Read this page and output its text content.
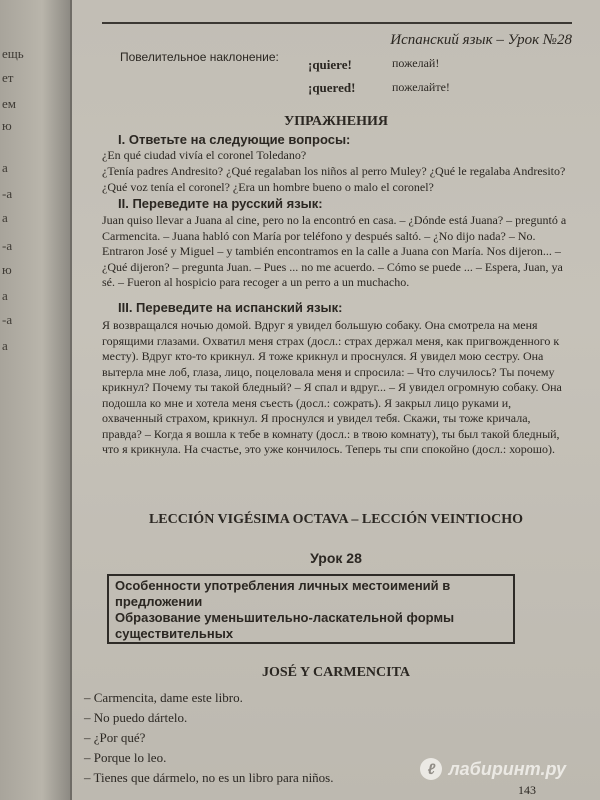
ещь
ет
ем
ю
а
-а
а
-а
ю
а
-а
а
Испанский язык – Урок №28
Повелительное наклонение: ¡quiere!
¡quered!
пожелай!
пожелайте!
УПРАЖНЕНИЯ
I. Ответьте на следующие вопросы:
¿En qué ciudad vivía el coronel Toledano?
¿Tenía padres Andresito? ¿Qué regalaban los niños al perro Muley? ¿Qué le regalaba Andresito? ¿Qué voz tenía el coronel? ¿Era un hombre bueno o malo el coronel?
II. Переведите на русский язык:
Juan quiso llevar a Juana al cine, pero no la encontró en casa. – ¿Dónde está Juana? – preguntó a Carmencita. – Juana habló con María por teléfono y después saltó. – ¿No dijo nada? – No. Entraron José y Miguel – y también encontramos en la calle a Juana con María. Nos dijeron... – ¿Qué dijeron? – pregunta Juan. – Pues ... no me acuerdo. – Cómo se puede ... – Espera, Juan, ya sé. – Fueron al hospicio para recoger a un perro a un muchacho.
III. Переведите на испанский язык:
Я возвращался ночью домой. Вдруг я увидел большую собаку. Она смотрела на меня горящими глазами. Охватил меня страх (досл.: страх держал меня, как пригвожденного к месту). Вдруг кто-то крикнул. Я тоже крикнул и проснулся. Я увидел мою сестру. Она вытерла мне лоб, глаза, лицо, поцеловала меня и спросила: – Что случилось? Ты почему крикнул? Почему ты такой бледный? – Я спал и вдруг... – Я увидел огромную собаку. Она подошла ко мне и хотела меня съесть (досл.: сожрать). Я закрыл лицо руками и, охваченный страхом, крикнул. Я проснулся и увидел тебя. Скажи, ты тоже кричала, правда? – Когда я вошла к тебе в комнату (досл.: в твою комнату), ты был такой бледный, что я крикнула. На счастье, это уже кончилось. Теперь ты спи спокойно (досл.: хорошо).
LECCIÓN VIGÉSIMA OCTAVA – LECCIÓN VEINTIOCHO
Урок 28
Особенности употребления личных местоимений в предложении
Образование уменьшительно-ласкательной формы существительных
JOSÉ Y CARMENCITA
– Carmencita, dame este libro.
– No puedo dártelo.
– ¿Por qué?
– Porque lo leo.
– Tienes que dármelo, no es un libro para niños.	ℓ лабиринт.ру
143
